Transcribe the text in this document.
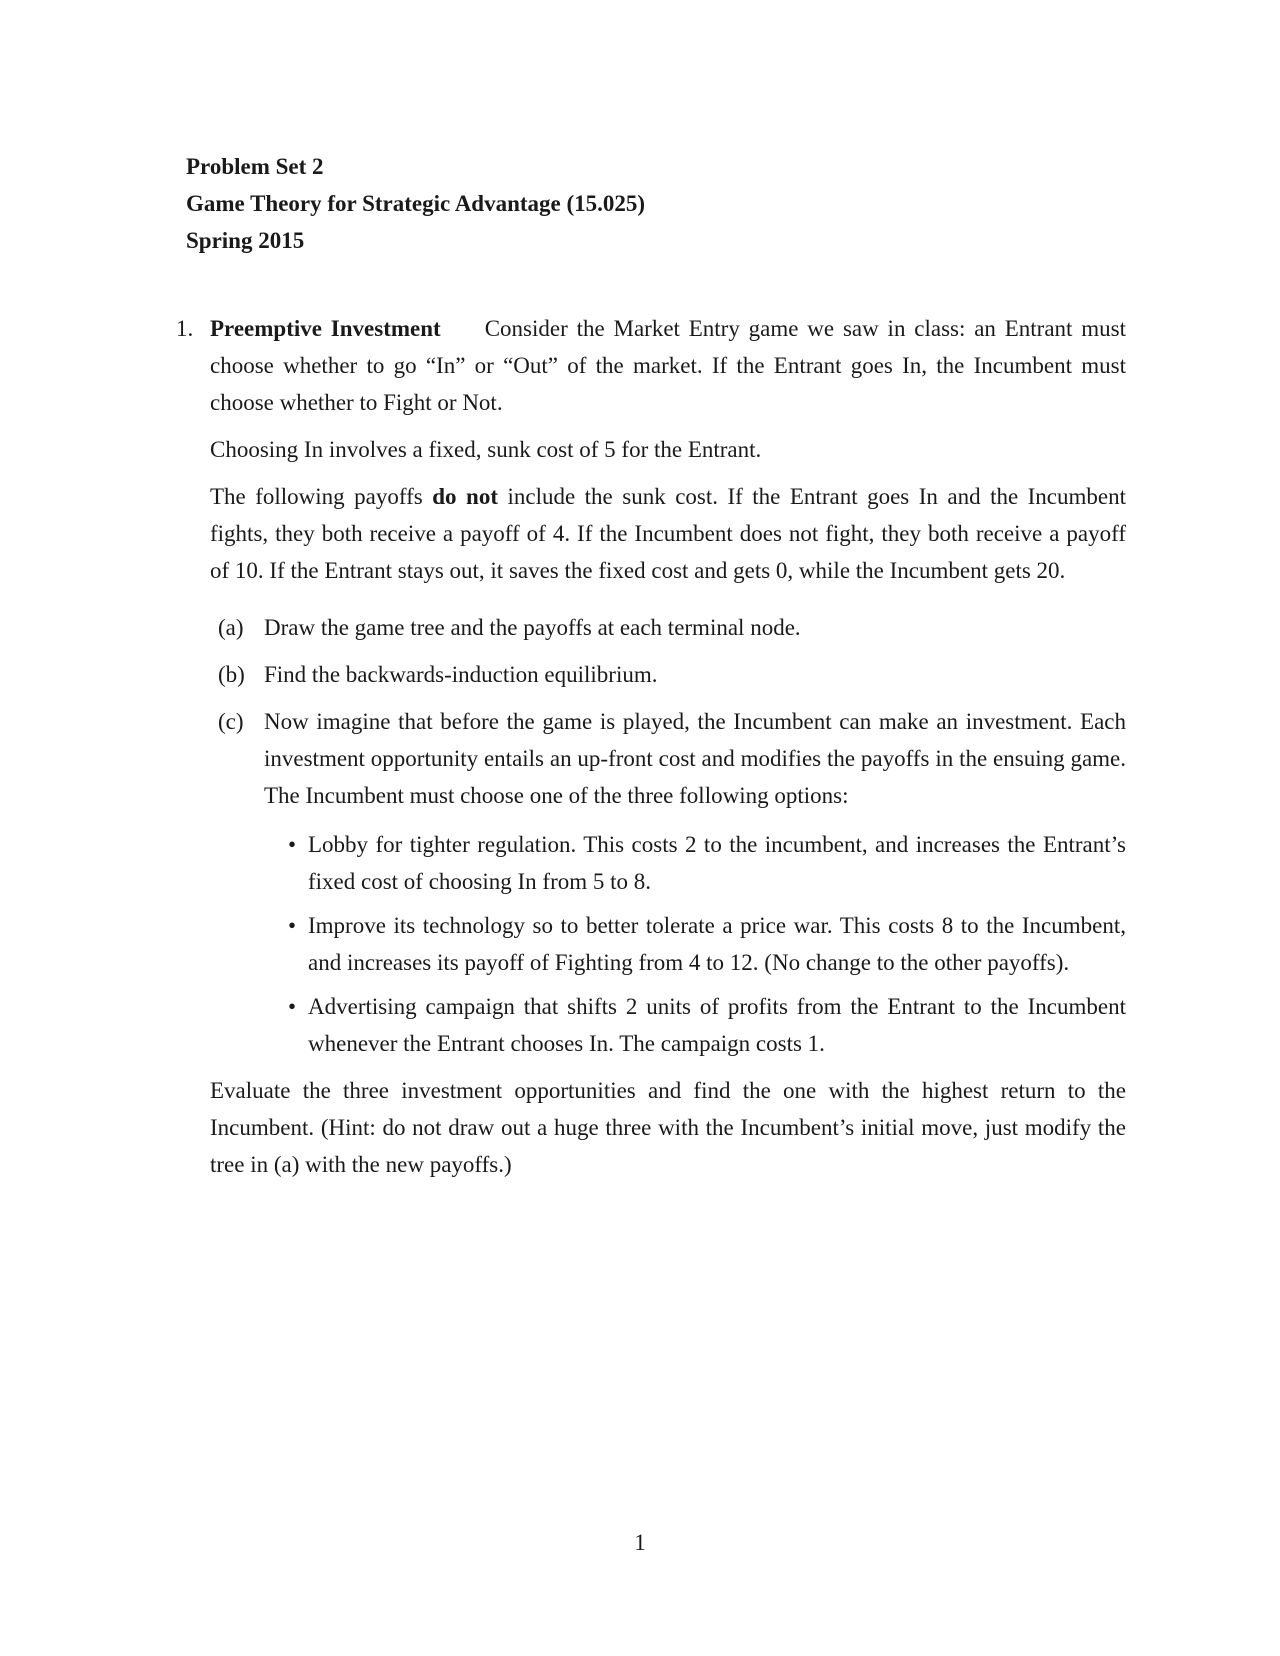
Problem Set 2
Game Theory for Strategic Advantage (15.025)
Spring 2015
1. Preemptive Investment Consider the Market Entry game we saw in class: an Entrant must choose whether to go “In” or “Out” of the market. If the Entrant goes In, the Incumbent must choose whether to Fight or Not.

Choosing In involves a fixed, sunk cost of 5 for the Entrant.

The following payoffs do not include the sunk cost. If the Entrant goes In and the Incumbent fights, they both receive a payoff of 4. If the Incumbent does not fight, they both receive a payoff of 10. If the Entrant stays out, it saves the fixed cost and gets 0, while the Incumbent gets 20.

(a) Draw the game tree and the payoffs at each terminal node.
(b) Find the backwards-induction equilibrium.
(c) Now imagine that before the game is played, the Incumbent can make an investment. Each investment opportunity entails an up-front cost and modifies the payoffs in the ensuing game. The Incumbent must choose one of the three following options:
• Lobby for tighter regulation. This costs 2 to the incumbent, and increases the Entrant’s fixed cost of choosing In from 5 to 8.
• Improve its technology so to better tolerate a price war. This costs 8 to the Incumbent, and increases its payoff of Fighting from 4 to 12. (No change to the other payoffs).
• Advertising campaign that shifts 2 units of profits from the Entrant to the Incumbent whenever the Entrant chooses In. The campaign costs 1.

Evaluate the three investment opportunities and find the one with the highest return to the Incumbent. (Hint: do not draw out a huge three with the Incumbent’s initial move, just modify the tree in (a) with the new payoffs.)

1
